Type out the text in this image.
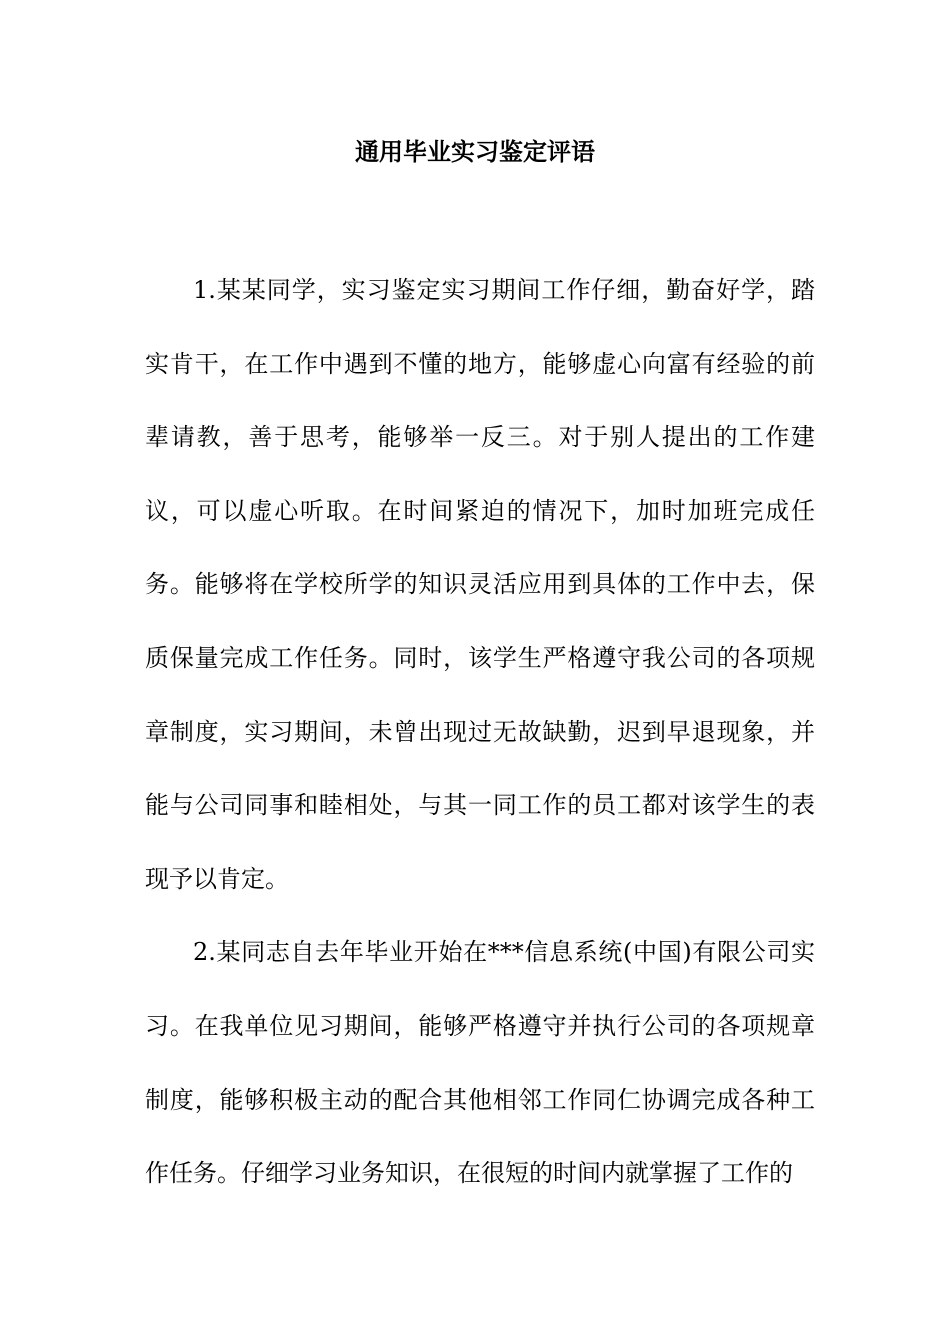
通用毕业实习鉴定评语

1.某某同学，实习鉴定实习期间工作仔细，勤奋好学，踏实肯干，在工作中遇到不懂的地方，能够虚心向富有经验的前辈请教，善于思考，能够举一反三。对于别人提出的工作建议，可以虚心听取。在时间紧迫的情况下，加时加班完成任务。能够将在学校所学的知识灵活应用到具体的工作中去，保质保量完成工作任务。同时，该学生严格遵守我公司的各项规章制度，实习期间，未曾出现过无故缺勤，迟到早退现象，并能与公司同事和睦相处，与其一同工作的员工都对该学生的表现予以肯定。

2.某同志自去年毕业开始在***信息系统(中国)有限公司实习。在我单位见习期间，能够严格遵守并执行公司的各项规章制度，能够积极主动的配合其他相邻工作同仁协调完成各种工作任务。仔细学习业务知识，在很短的时间内就掌握了工作的
